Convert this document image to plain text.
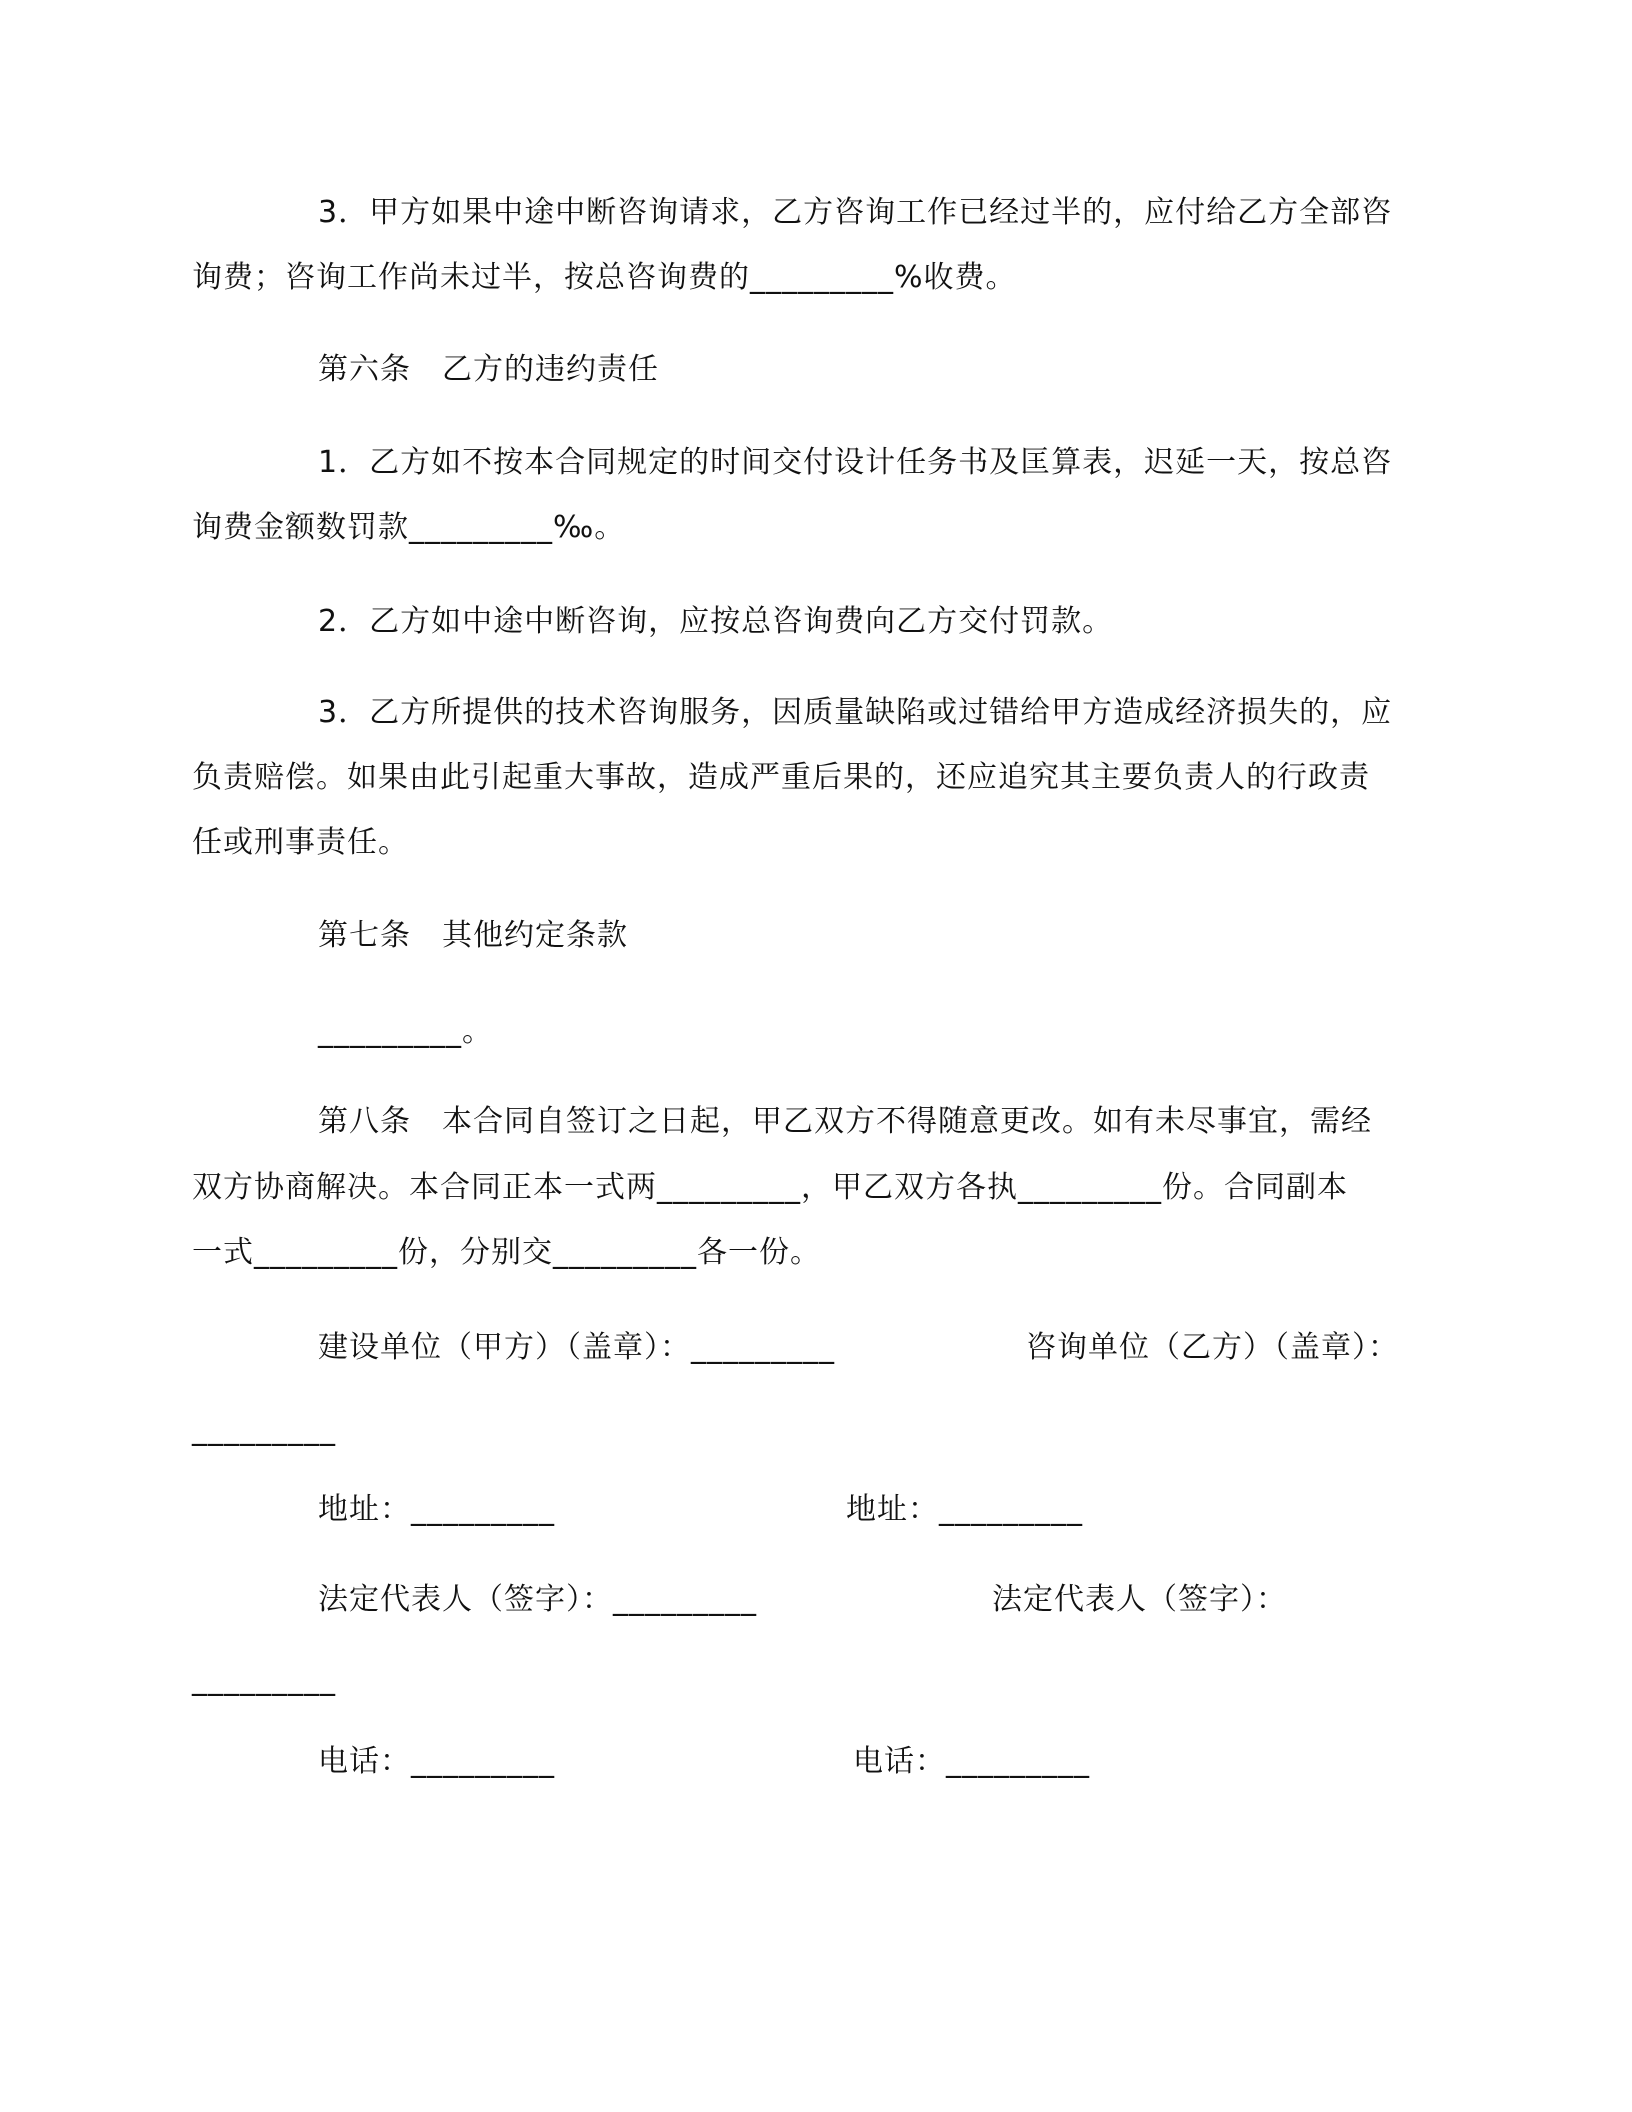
3．甲方如果中途中断咨询请求，乙方咨询工作已经过半的，应付给乙方全部咨
询费；咨询工作尚未过半，按总咨询费的_________%收费。
第六条　乙方的违约责任
1．乙方如不按本合同规定的时间交付设计任务书及匡算表，迟延一天，按总咨
询费金额数罚款_________‰。
2．乙方如中途中断咨询，应按总咨询费向乙方交付罚款。
3．乙方所提供的技术咨询服务，因质量缺陷或过错给甲方造成经济损失的，应
负责赔偿。如果由此引起重大事故，造成严重后果的，还应追究其主要负责人的行政责
任或刑事责任。
第七条　其他约定条款
_________。
第八条　本合同自签订之日起，甲乙双方不得随意更改。如有未尽事宜，需经
双方协商解决。本合同正本一式两_________，甲乙双方各执_________份。合同副本
一式_________份，分别交_________各一份。
建设单位（甲方）（盖章）：_________	咨询单位（乙方）（盖章）：
_________
地址：_________	地址：_________
法定代表人（签字）：_________	法定代表人（签字）：
_________
电话：_________	电话：_________
